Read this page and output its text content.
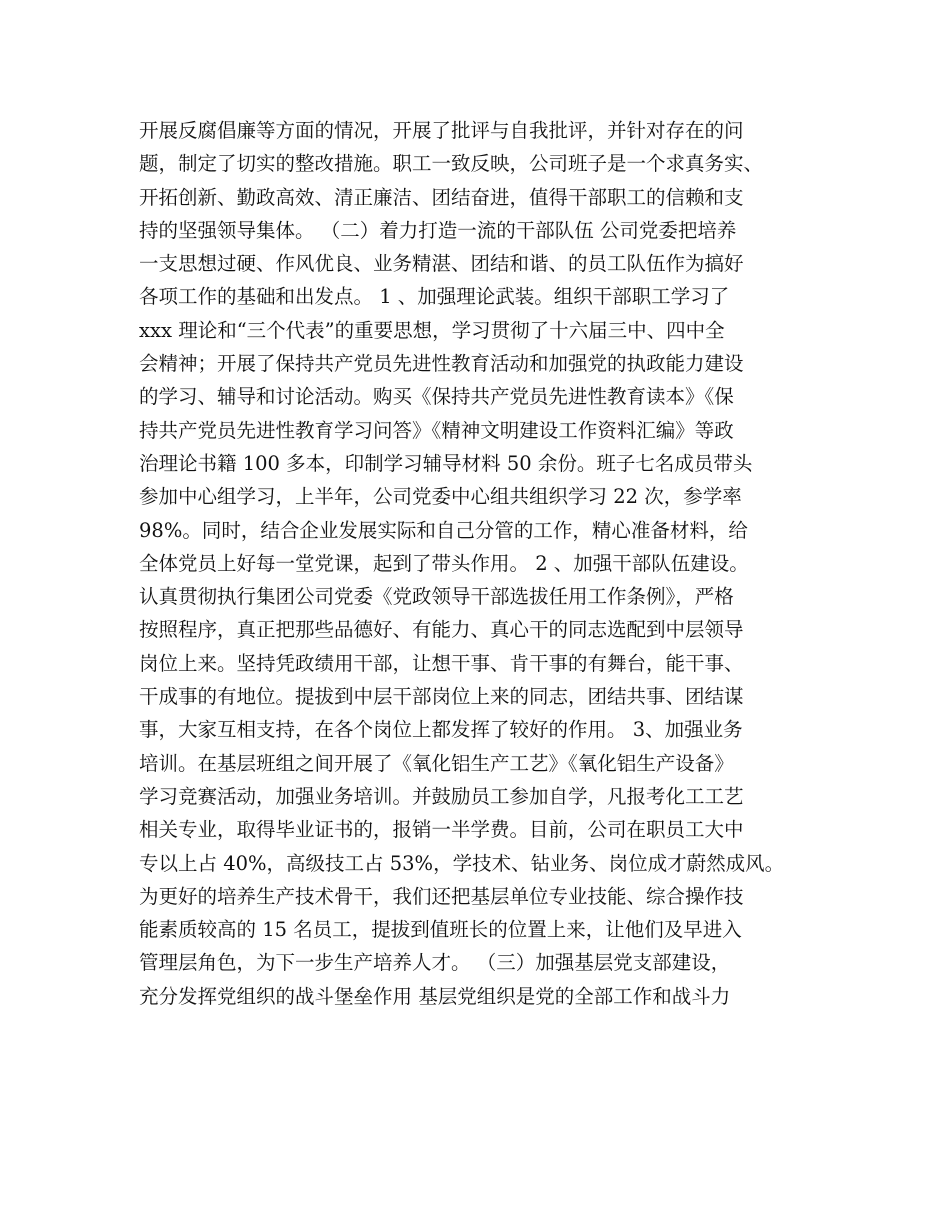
开展反腐倡廉等方面的情况，开展了批评与自我批评，并针对存在的问
题，制定了切实的整改措施。职工一致反映，公司班子是一个求真务实、
开拓创新、勤政高效、清正廉洁、团结奋进，值得干部职工的信赖和支
持的坚强领导集体。 （二）着力打造一流的干部队伍 公司党委把培养
一支思想过硬、作风优良、业务精湛、团结和谐、的员工队伍作为搞好
各项工作的基础和出发点。 1 、加强理论武装。组织干部职工学习了
xxx 理论和“三个代表”的重要思想，学习贯彻了十六届三中、四中全
会精神；开展了保持共产党员先进性教育活动和加强党的执政能力建设
的学习、辅导和讨论活动。购买《保持共产党员先进性教育读本》《保
持共产党员先进性教育学习问答》《精神文明建设工作资料汇编》等政
治理论书籍 100 多本，印制学习辅导材料 50 余份。班子七名成员带头
参加中心组学习，上半年，公司党委中心组共组织学习 22 次，参学率
98%。同时，结合企业发展实际和自己分管的工作，精心准备材料，给
全体党员上好每一堂党课，起到了带头作用。 2 、加强干部队伍建设。
认真贯彻执行集团公司党委《党政领导干部选拔任用工作条例》，严格
按照程序，真正把那些品德好、有能力、真心干的同志选配到中层领导
岗位上来。坚持凭政绩用干部，让想干事、肯干事的有舞台，能干事、
干成事的有地位。提拔到中层干部岗位上来的同志，团结共事、团结谋
事，大家互相支持，在各个岗位上都发挥了较好的作用。 3、加强业务
培训。在基层班组之间开展了《氧化铝生产工艺》《氧化铝生产设备》
学习竞赛活动，加强业务培训。并鼓励员工参加自学，凡报考化工工艺
相关专业，取得毕业证书的，报销一半学费。目前，公司在职员工大中
专以上占 40%，高级技工占 53%，学技术、钻业务、岗位成才蔚然成风。
为更好的培养生产技术骨干，我们还把基层单位专业技能、综合操作技
能素质较高的 15 名员工，提拔到值班长的位置上来，让他们及早进入
管理层角色，为下一步生产培养人才。 （三）加强基层党支部建设，
充分发挥党组织的战斗堡垒作用 基层党组织是党的全部工作和战斗力
